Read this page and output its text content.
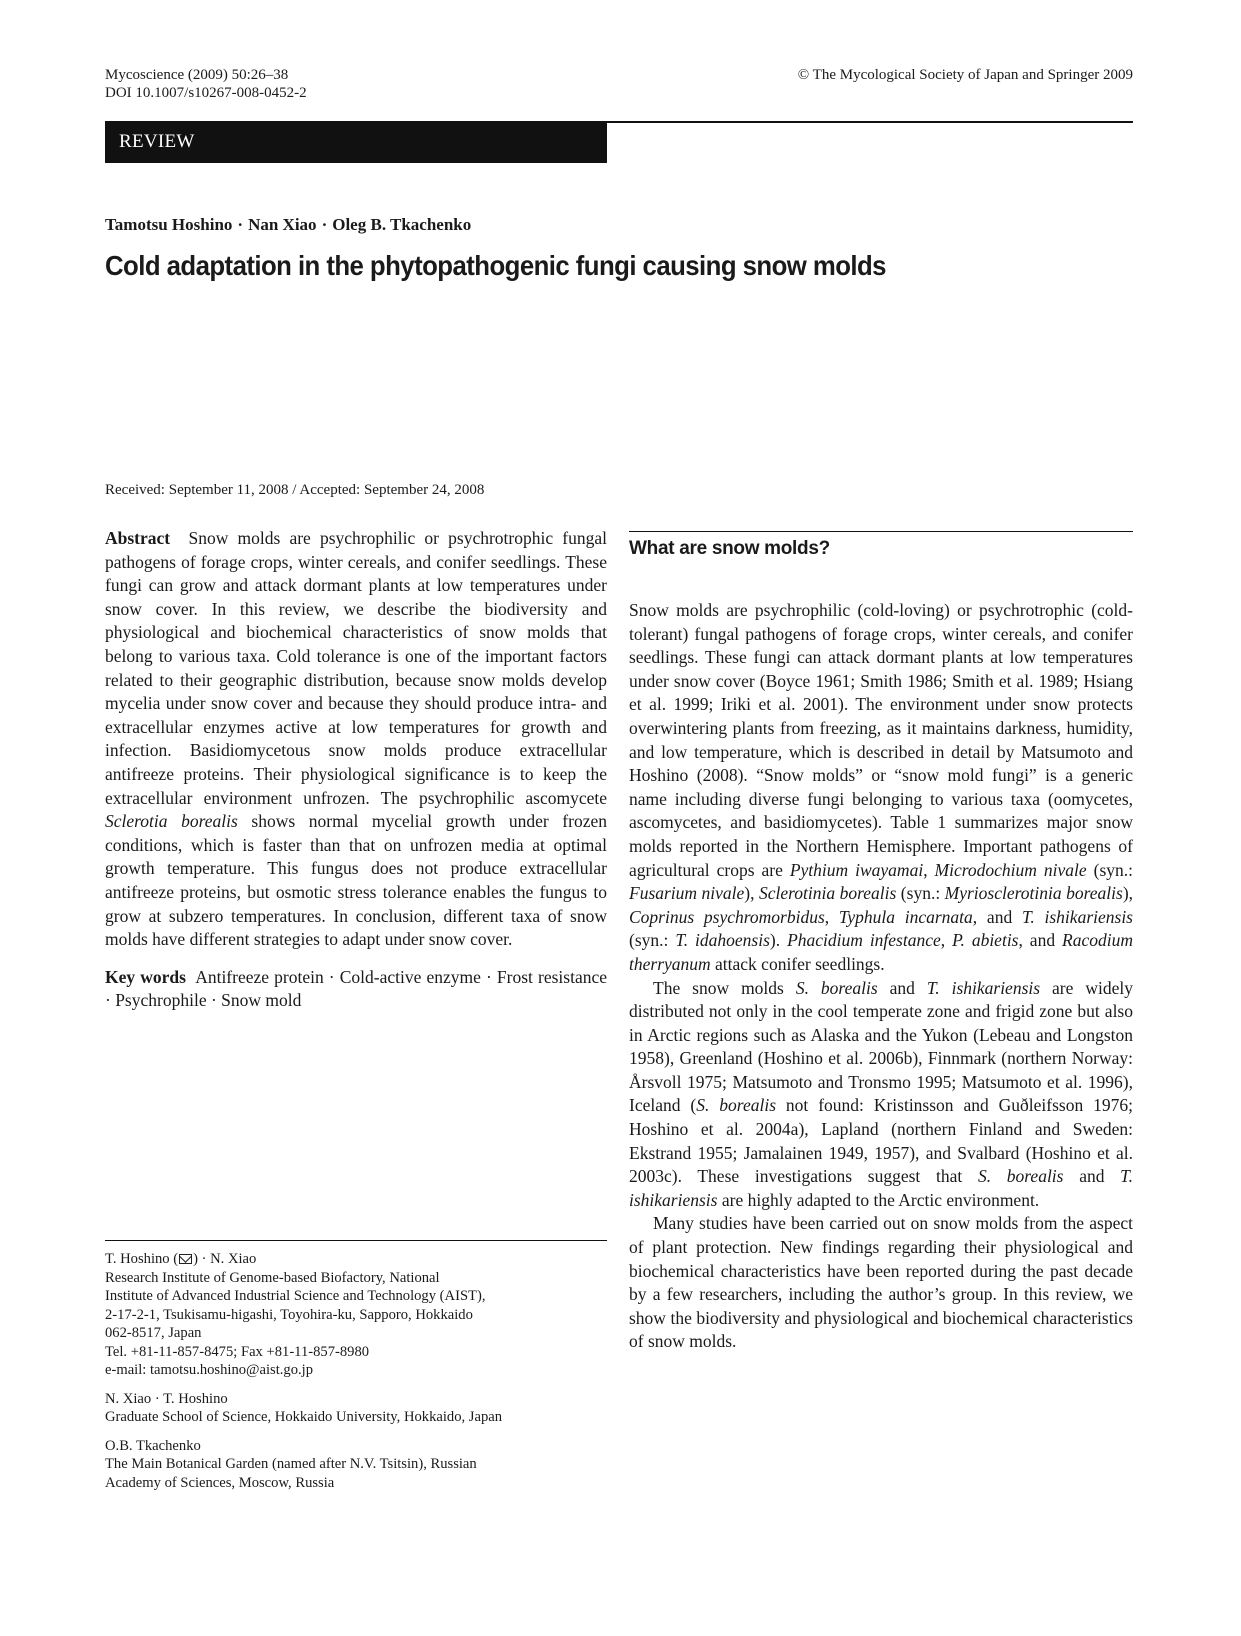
Mycoscience (2009) 50:26–38
DOI 10.1007/s10267-008-0452-2
© The Mycological Society of Japan and Springer 2009
REVIEW
Tamotsu Hoshino · Nan Xiao · Oleg B. Tkachenko
Cold adaptation in the phytopathogenic fungi causing snow molds
Received: September 11, 2008 / Accepted: September 24, 2008

Abstract Snow molds are psychrophilic or psychrotrophic fungal pathogens of forage crops, winter cereals, and conifer seedlings. These fungi can grow and attack dormant plants at low temperatures under snow cover. In this review, we describe the biodiversity and physiological and biochemical characteristics of snow molds that belong to various taxa. Cold tolerance is one of the important factors related to their geographic distribution, because snow molds develop mycelia under snow cover and because they should produce intra- and extracellular enzymes active at low temperatures for growth and infection. Basidiomycetous snow molds produce extracellular antifreeze proteins. Their physiological significance is to keep the extracellular environment unfrozen. The psychrophilic ascomycete Sclerotia borealis shows normal mycelial growth under frozen conditions, which is faster than that on unfrozen media at optimal growth temperature. This fungus does not produce extracellular antifreeze proteins, but osmotic stress tolerance enables the fungus to grow at subzero temperatures. In conclusion, different taxa of snow molds have different strategies to adapt under snow cover.

Key words Antifreeze protein · Cold-active enzyme · Frost resistance · Psychrophile · Snow mold

T. Hoshino ( ) · N. Xiao
Research Institute of Genome-based Biofactory, National
Institute of Advanced Industrial Science and Technology (AIST),
2-17-2-1, Tsukisamu-higashi, Toyohira-ku, Sapporo, Hokkaido
062-8517, Japan
Tel. +81-11-857-8475; Fax +81-11-857-8980
e-mail: tamotsu.hoshino@aist.go.jp
N. Xiao · T. Hoshino
Graduate School of Science, Hokkaido University, Hokkaido, Japan
O.B. Tkachenko
The Main Botanical Garden (named after N.V. Tsitsin), Russian
Academy of Sciences, Moscow, Russia
What are snow molds?

Snow molds are psychrophilic (cold-loving) or psychrotrophic (cold-tolerant) fungal pathogens of forage crops, winter cereals, and conifer seedlings. These fungi can attack dormant plants at low temperatures under snow cover (Boyce 1961; Smith 1986; Smith et al. 1989; Hsiang et al. 1999; Iriki et al. 2001). The environment under snow protects overwintering plants from freezing, as it maintains darkness, humidity, and low temperature, which is described in detail by Matsumoto and Hoshino (2008). “Snow molds” or “snow mold fungi” is a generic name including diverse fungi belonging to various taxa (oomycetes, ascomycetes, and basidiomycetes). Table 1 summarizes major snow molds reported in the Northern Hemisphere. Important pathogens of agricultural crops are Pythium iwayamai, Microdochium nivale (syn.: Fusarium nivale), Sclerotinia borealis (syn.: Myriosclerotinia borealis), Coprinus psychromorbidus, Typhula incarnata, and T. ishikariensis (syn.: T. idahoensis). Phacidium infestance, P. abietis, and Racodium therryanum attack conifer seedlings.

The snow molds S. borealis and T. ishikariensis are widely distributed not only in the cool temperate zone and frigid zone but also in Arctic regions such as Alaska and the Yukon (Lebeau and Longston 1958), Greenland (Hoshino et al. 2006b), Finnmark (northern Norway: Årsvoll 1975; Matsumoto and Tronsmo 1995; Matsumoto et al. 1996), Iceland (S. borealis not found: Kristinsson and Guðleifsson 1976; Hoshino et al. 2004a), Lapland (northern Finland and Sweden: Ekstrand 1955; Jamalainen 1949, 1957), and Svalbard (Hoshino et al. 2003c). These investigations suggest that S. borealis and T. ishikariensis are highly adapted to the Arctic environment.

Many studies have been carried out on snow molds from the aspect of plant protection. New findings regarding their physiological and biochemical characteristics have been reported during the past decade by a few researchers, including the author’s group. In this review, we show the biodiversity and physiological and biochemical characteristics of snow molds.
